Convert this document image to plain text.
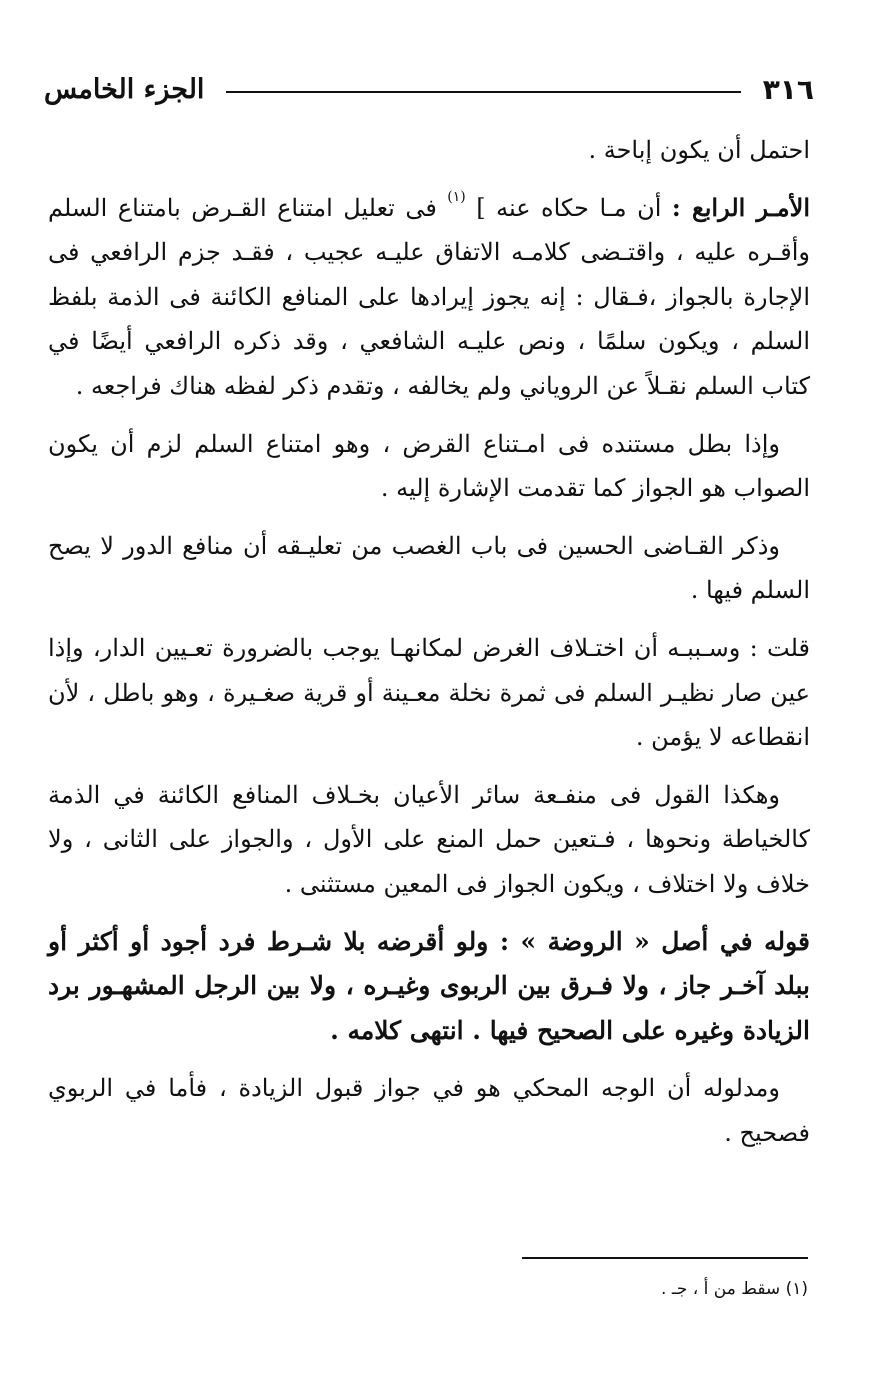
٣١٦
الجزء الخامس

احتمل أن يكون إباحة .

الأمـر الرابع : أن مـا حكاه عنه ] $^{(١)}$ فى تعليل امتناع القـرض بامتناع السلم وأقـره عليه ، واقتـضى كلامـه الاتفاق عليـه عجيب ، فقـد جزم الرافعي فى الإجارة بالجواز ،فـقال : إنه يجوز إيرادها على المنافع الكائنة فى الذمة بلفظ السلم ، ويكون سلمًا ، ونص عليـه الشافعي ، وقد ذكره الرافعي أيضًا في كتاب السلم نقـلاً عن الروياني ولم يخالفه ، وتقدم ذكر لفظه هناك فراجعه .

وإذا بطل مستنده فى امـتناع القرض ، وهو امتناع السلم لزم أن يكون الصواب هو الجواز كما تقدمت الإشارة إليه .

وذكر القـاضى الحسين فى باب الغصب من تعليـقه أن منافع الدور لا يصح السلم فيها .

قلت : وسـببـه أن اختـلاف الغرض لمكانهـا يوجب بالضرورة تعـيين الدار، وإذا عين صار نظيـر السلم فى ثمرة نخلة معـينة أو قرية صغـيرة ، وهو باطل ، لأن انقطاعه لا يؤمن .

وهكذا القول فى منفـعة سائر الأعيان بخـلاف المنافع الكائنة في الذمة كالخياطة ونحوها ، فـتعين حمل المنع على الأول ، والجواز على الثانى ، ولا خلاف ولا اختلاف ، ويكون الجواز فى المعين مستثنى .

قوله في أصل « الروضة » : ولو أقرضه بلا شـرط فرد أجود أو أكثر أو ببلد آخـر جاز ، ولا فـرق بين الربوى وغيـره ، ولا بين الرجل المشهـور برد الزيادة وغيره على الصحيح فيها . انتهى كلامه .

ومدلوله أن الوجه المحكي هو في جواز قبول الزيادة ، فأما في الربوي فصحيح .

(١) سقط من أ ، جـ .
